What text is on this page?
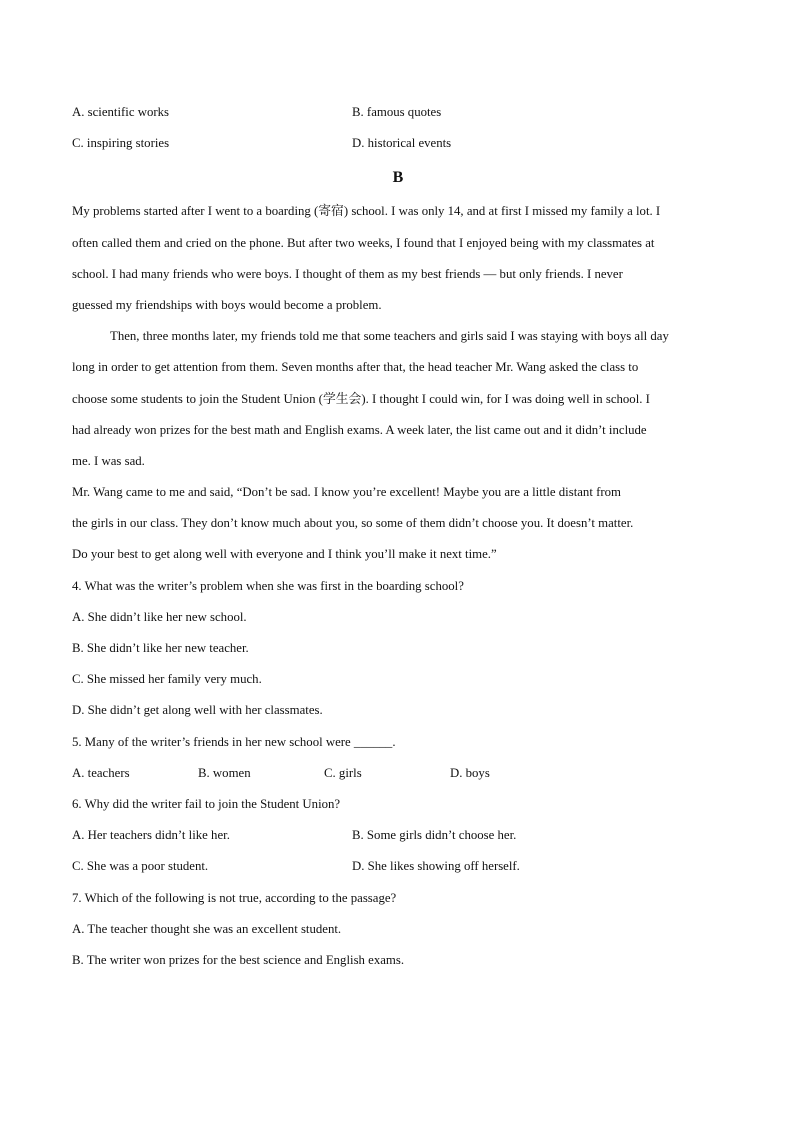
A. scientific works	B. famous quotes
C. inspiring stories	D. historical events
B
My problems started after I went to a boarding (寄宿) school. I was only 14, and at first I missed my family a lot. I
often called them and cried on the phone. But after two weeks, I found that I enjoyed being with my classmates at
school. I had many friends who were boys. I thought of them as my best friends — but only friends. I never
guessed my friendships with boys would become a problem.
Then, three months later, my friends told me that some teachers and girls said I was staying with boys all day
long in order to get attention from them. Seven months after that, the head teacher Mr. Wang asked the class to
choose some students to join the Student Union (学生会). I thought I could win, for I was doing well in school. I
had already won prizes for the best math and English exams. A week later, the list came out and it didn’t include
me. I was sad.
Mr. Wang came to me and said, “Don’t be sad. I know you’re excellent! Maybe you are a little distant from
the girls in our class. They don’t know much about you, so some of them didn’t choose you. It doesn’t matter.
Do your best to get along well with everyone and I think you’ll make it next time.”
4. What was the writer’s problem when she was first in the boarding school?
A. She didn’t like her new school.
B. She didn’t like her new teacher.
C. She missed her family very much.
D. She didn’t get along well with her classmates.
5. Many of the writer’s friends in her new school were ______.
A. teachers	B. women	C. girls	D. boys
6. Why did the writer fail to join the Student Union?
A. Her teachers didn’t like her.	B. Some girls didn’t choose her.
C. She was a poor student.	D. She likes showing off herself.
7. Which of the following is not true, according to the passage?
A. The teacher thought she was an excellent student.
B. The writer won prizes for the best science and English exams.
